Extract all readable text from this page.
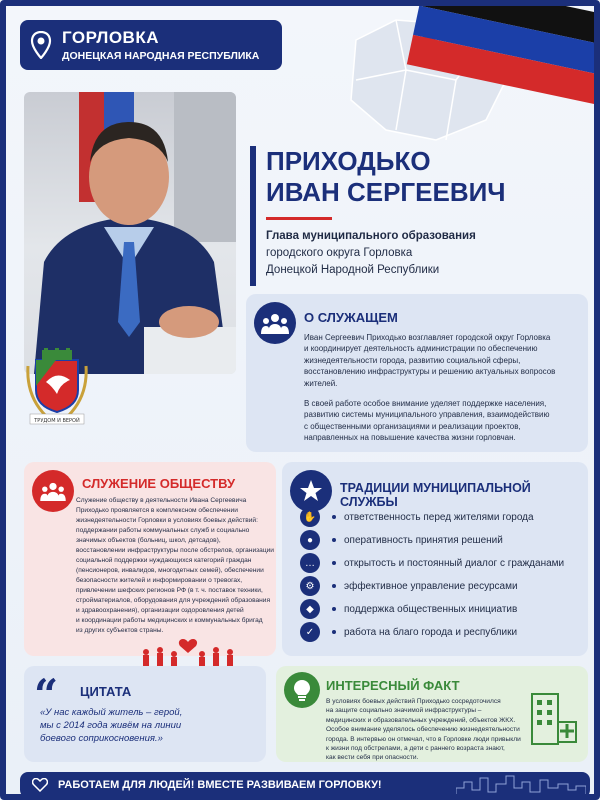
ГОРЛОВКА
ДОНЕЦКАЯ НАРОДНАЯ РЕСПУБЛИКА
ТРУДОМ И ВЕРОЙ
ПРИХОДЬКО
ИВАН СЕРГЕЕВИЧ
Глава муниципального образования
городского округа Горловка
Донецкой Народной Республики
О СЛУЖАЩЕМ
Иван Сергеевич Приходько возглавляет городской округ Горловка
и координирует деятельность администрации по обеспечению
жизнедеятельности города, развитию социальной сферы,
восстановлению инфраструктуры и решению актуальных вопросов
жителей.
В своей работе особое внимание уделяет поддержке населения,
развитию системы муниципального управления, взаимодействию
с общественными организациями и реализации проектов,
направленных на повышение качества жизни горловчан.
СЛУЖЕНИЕ ОБЩЕСТВУ
Служение обществу в деятельности Ивана Сергеевича
Приходько проявляется в комплексном обеспечении
жизнедеятельности Горловки в условиях боевых действий:
поддержании работы коммунальных служб и социально
значимых объектов (больниц, школ, детсадов),
восстановлении инфраструктуры после обстрелов, организации
социальной поддержки нуждающихся категорий граждан
(пенсионеров, инвалидов, многодетных семей), обеспечении
безопасности жителей и информировании о тревогах,
привлечении шефских регионов РФ (в т. ч. поставок техники,
стройматериалов, оборудования для учреждений образования
и здравоохранения), организации оздоровления детей
и координации работы медицинских и коммунальных бригад
из других субъектов страны.
ТРАДИЦИИ МУНИЦИПАЛЬНОЙ СЛУЖБЫ
✋	ответственность перед жителями города
●	оперативность принятия решений
…	открытость и постоянный диалог с гражданами
⚙	эффективное управление ресурсами
◆	поддержка общественных инициатив
✓	работа на благо города и республики
“ ЦИТАТА
«У нас каждый житель – герой,
мы с 2014 года живём на линии
боевого соприкосновения.»
ИНТЕРЕСНЫЙ ФАКТ
В условиях боевых действий Приходько сосредоточился
на защите социально значимой инфраструктуры –
медицинских и образовательных учреждений, объектов ЖКХ.
Особое внимание уделялось обеспечению жизнедеятельности
города. В интервью он отмечал, что в Горловке люди привыкли
к жизни под обстрелами, а дети с раннего возраста знают,
как вести себя при опасности.
РАБОТАЕМ ДЛЯ ЛЮДЕЙ! ВМЕСТЕ РАЗВИВАЕМ ГОРЛОВКУ!
